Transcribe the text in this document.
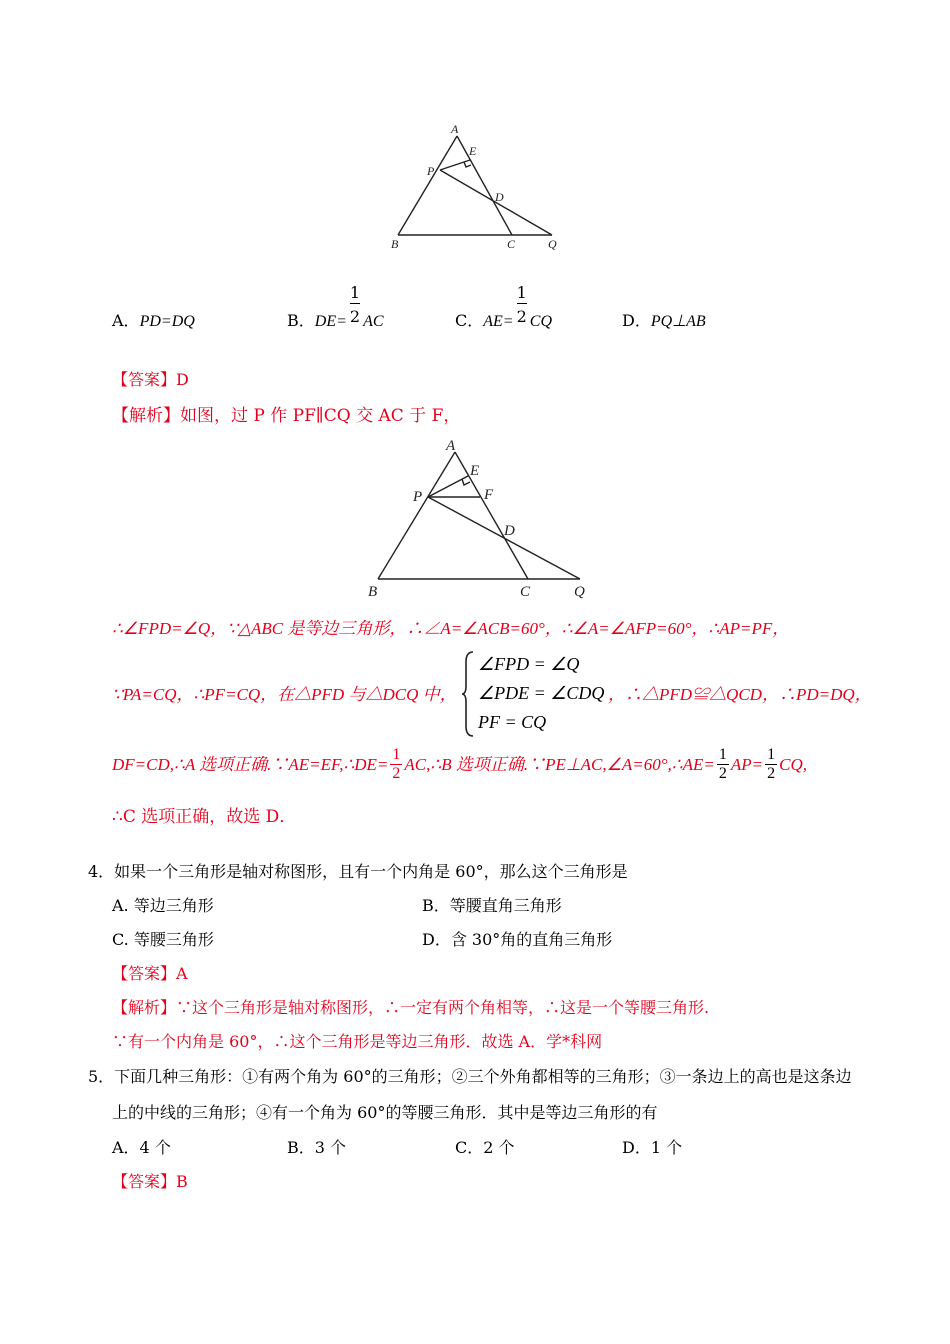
A
E
P
D
B	C	Q
A．PD=DQ	B．$DE= \frac{1}{2}$ AC	C．$AE= \frac{1}{2}$ CQ	D．PQ⊥AB
【答案】D
【解析】如图，过 P 作 PF∥CQ 交 AC 于 F，
A
E
P	F
D
B	C	Q
∴∠FPD=∠Q，∵△ABC 是等边三角形，∴∠A=∠ACB=60°，∴∠A=∠AFP=60°，∴AP=PF，
∵PA=CQ，∴PF=CQ，在△PFD 与△DCQ 中，
∠FPD = ∠Q
∠PDE = ∠CDQ
PF = CQ
，∴△PFD≌△QCD，∴PD=DQ，
DF=CD,∴A 选项正确.∵AE=EF,∴DE= $\frac{1}{2}$ AC,∴B 选项正确.∵PE⊥AC,∠A=60°,∴AE= $\frac{1}{2} AP= \frac{1}{2}$ CQ,
∴C 选项正确，故选 D．
4．如果一个三角形是轴对称图形，且有一个内角是 60°，那么这个三角形是
A. 等边三角形	B．等腰直角三角形
C. 等腰三角形	D．含 30°角的直角三角形
【答案】A
【解析】∵这个三角形是轴对称图形，∴一定有两个角相等，∴这是一个等腰三角形.
∵有一个内角是 60°，∴这个三角形是等边三角形．故选 A．学*科网
5．下面几种三角形：①有两个角为 60°的三角形；②三个外角都相等的三角形；③一条边上的高也是这条边
上的中线的三角形；④有一个角为 60°的等腰三角形．其中是等边三角形的有
A．4 个	B．3 个	C．2 个	D．1 个
【答案】B
